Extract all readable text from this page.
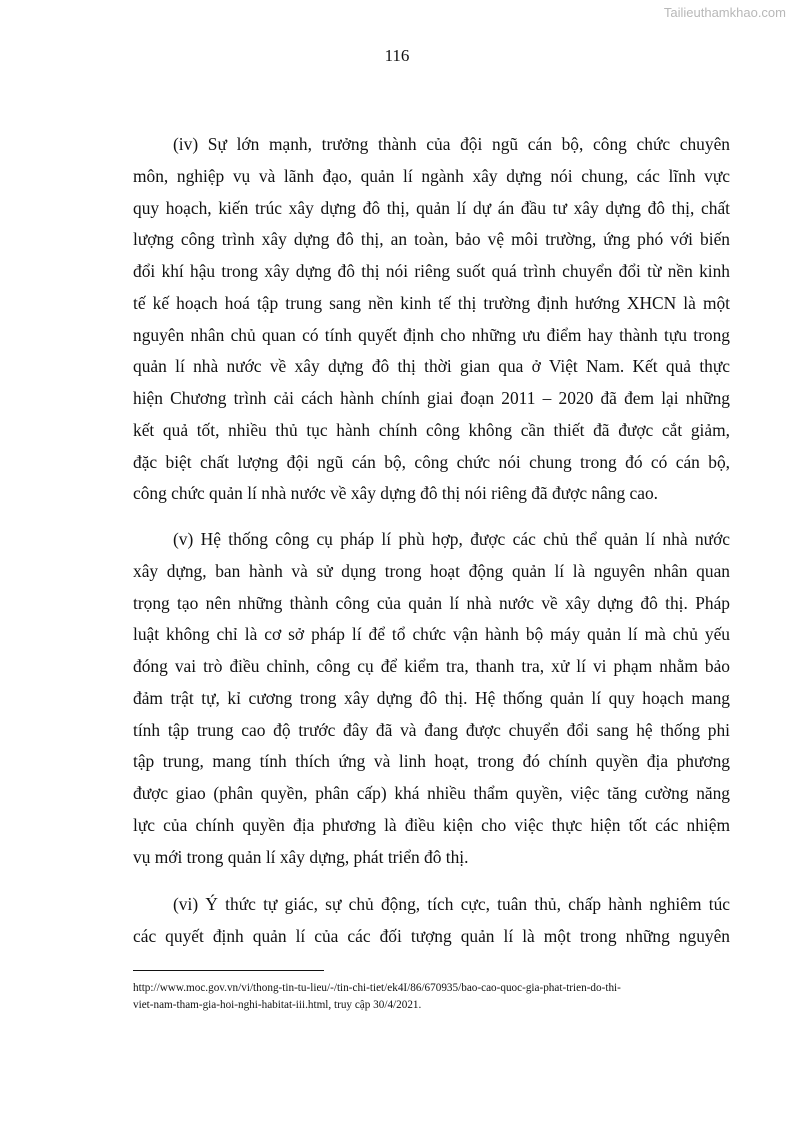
Tailieuthamkhao.com
116
(iv) Sự lớn mạnh, trưởng thành của đội ngũ cán bộ, công chức chuyên
môn, nghiệp vụ và lãnh đạo, quản lí ngành xây dựng nói chung, các lĩnh vực
quy hoạch, kiến trúc xây dựng đô thị, quản lí dự án đầu tư xây dựng đô thị, chất
lượng công trình xây dựng đô thị, an toàn, bảo vệ môi trường, ứng phó với biến
đổi khí hậu trong xây dựng đô thị nói riêng suốt quá trình chuyển đổi từ nền kinh
tế kế hoạch hoá tập trung sang nền kinh tế thị trường định hướng XHCN là một
nguyên nhân chủ quan có tính quyết định cho những ưu điểm hay thành tựu trong
quản lí nhà nước về xây dựng đô thị thời gian qua ở Việt Nam. Kết quả thực
hiện Chương trình cải cách hành chính giai đoạn 2011 – 2020 đã đem lại những
kết quả tốt, nhiều thủ tục hành chính công không cần thiết đã được cắt giảm,
đặc biệt chất lượng đội ngũ cán bộ, công chức nói chung trong đó có cán bộ,
công chức quản lí nhà nước về xây dựng đô thị nói riêng đã được nâng cao.
(v) Hệ thống công cụ pháp lí phù hợp, được các chủ thể quản lí nhà nước
xây dựng, ban hành và sử dụng trong hoạt động quản lí là nguyên nhân quan
trọng tạo nên những thành công của quản lí nhà nước về xây dựng đô thị. Pháp
luật không chỉ là cơ sở pháp lí để tổ chức vận hành bộ máy quản lí mà chủ yếu
đóng vai trò điều chỉnh, công cụ để kiểm tra, thanh tra, xử lí vi phạm nhằm bảo
đảm trật tự, kỉ cương trong xây dựng đô thị. Hệ thống quản lí quy hoạch mang
tính tập trung cao độ trước đây đã và đang được chuyển đổi sang hệ thống phi
tập trung, mang tính thích ứng và linh hoạt, trong đó chính quyền địa phương
được giao (phân quyền, phân cấp) khá nhiều thẩm quyền, việc tăng cường năng
lực của chính quyền địa phương là điều kiện cho việc thực hiện tốt các nhiệm
vụ mới trong quản lí xây dựng, phát triển đô thị.
(vi) Ý thức tự giác, sự chủ động, tích cực, tuân thủ, chấp hành nghiêm túc
các quyết định quản lí của các đối tượng quản lí là một trong những nguyên
http://www.moc.gov.vn/vi/thong-tin-tu-lieu/-/tin-chi-tiet/ek4I/86/670935/bao-cao-quoc-gia-phat-trien-do-thi-
viet-nam-tham-gia-hoi-nghi-habitat-iii.html, truy cập 30/4/2021.
